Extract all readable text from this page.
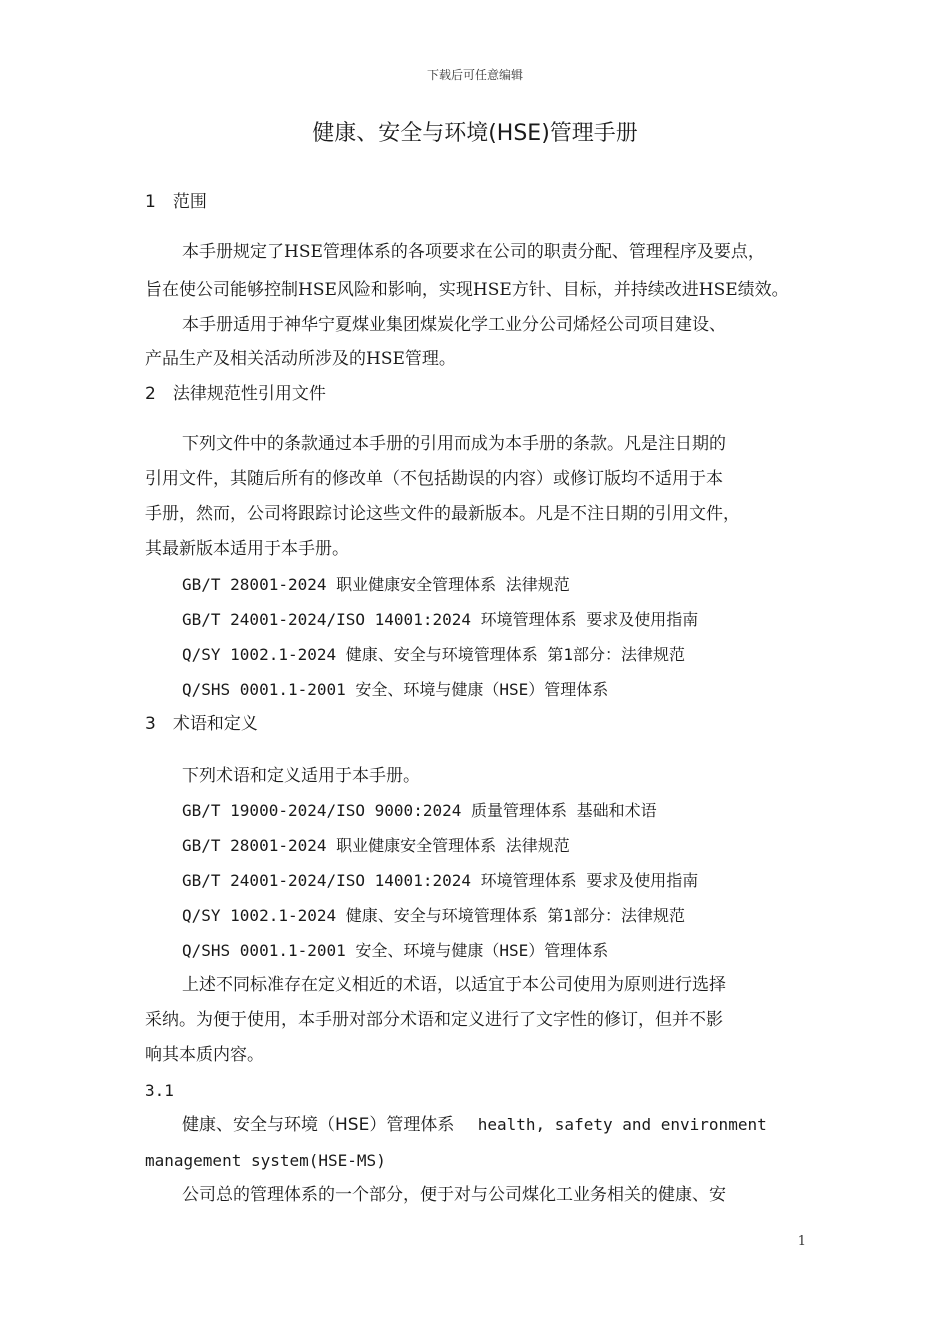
下载后可任意编辑
健康、安全与环境(HSE)管理手册
1　范围
本手册规定了HSE管理体系的各项要求在公司的职责分配、管理程序及要点，
旨在使公司能够控制HSE风险和影响，实现HSE方针、目标，并持续改进HSE绩效。
本手册适用于神华宁夏煤业集团煤炭化学工业分公司烯烃公司项目建设、
产品生产及相关活动所涉及的HSE管理。
2　法律规范性引用文件
下列文件中的条款通过本手册的引用而成为本手册的条款。凡是注日期的
引用文件，其随后所有的修改单（不包括勘误的内容）或修订版均不适用于本
手册，然而，公司将跟踪讨论这些文件的最新版本。凡是不注日期的引用文件，
其最新版本适用于本手册。
GB/T 28001-2024 职业健康安全管理体系 法律规范
GB/T 24001-2024/ISO 14001:2024 环境管理体系 要求及使用指南
Q/SY 1002.1-2024 健康、安全与环境管理体系 第1部分：法律规范
Q/SHS 0001.1-2001 安全、环境与健康（HSE）管理体系
3　术语和定义
下列术语和定义适用于本手册。
GB/T 19000-2024/ISO 9000:2024 质量管理体系 基础和术语
GB/T 28001-2024 职业健康安全管理体系 法律规范
GB/T 24001-2024/ISO 14001:2024 环境管理体系 要求及使用指南
Q/SY 1002.1-2024 健康、安全与环境管理体系 第1部分：法律规范
Q/SHS 0001.1-2001 安全、环境与健康（HSE）管理体系
上述不同标准存在定义相近的术语，以适宜于本公司使用为原则进行选择
采纳。为便于使用，本手册对部分术语和定义进行了文字性的修订，但并不影
响其本质内容。
3.1
健康、安全与环境（HSE）管理体系 health, safety and environment
management system(HSE-MS)
公司总的管理体系的一个部分，便于对与公司煤化工业务相关的健康、安
1
